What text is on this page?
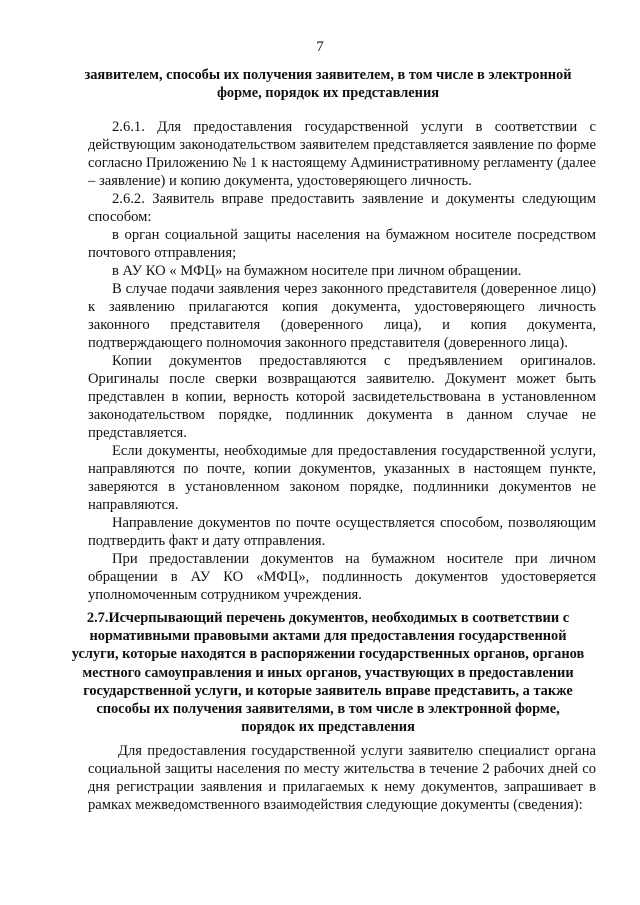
7
заявителем, способы их получения заявителем, в том числе в электронной форме, порядок их представления

2.6.1. Для предоставления государственной услуги в соответствии с действующим законодательством заявителем представляется заявление по форме согласно Приложению № 1 к настоящему Административному регламенту (далее – заявление) и копию документа, удостоверяющего личность.

2.6.2. Заявитель вправе предоставить заявление и документы следующим способом:

в орган социальной защиты населения на бумажном носителе посредством почтового отправления;

в АУ КО « МФЦ» на бумажном носителе при личном обращении.

В случае подачи заявления через законного представителя (доверенное лицо) к заявлению прилагаются копия документа, удостоверяющего личность законного представителя (доверенного лица), и копия документа, подтверждающего полномочия законного представителя (доверенного лица).

Копии документов предоставляются с предъявлением оригиналов. Оригиналы после сверки возвращаются заявителю. Документ может быть представлен в копии, верность которой засвидетельствована в установленном законодательством порядке, подлинник документа в данном случае не представляется.

Если документы, необходимые для предоставления государственной услуги, направляются по почте, копии документов, указанных в настоящем пункте, заверяются в установленном законом порядке, подлинники документов не направляются.

Направление документов по почте осуществляется способом, позволяющим подтвердить факт и дату отправления.

При предоставлении документов на бумажном носителе при личном обращении в АУ КО «МФЦ», подлинность документов удостоверяется уполномоченным сотрудником учреждения.

2.7.Исчерпывающий перечень документов, необходимых в соответствии с нормативными правовыми актами для предоставления государственной услуги, которые находятся в распоряжении государственных органов, органов местного самоуправления и иных органов, участвующих в предоставлении государственной услуги, и которые заявитель вправе представить, а также способы их получения заявителями, в том числе в электронной форме, порядок их представления

Для предоставления государственной услуги заявителю специалист органа социальной защиты населения по месту жительства в течение 2 рабочих дней со дня регистрации заявления и прилагаемых к нему документов, запрашивает в рамках межведомственного взаимодействия следующие документы (сведения):
